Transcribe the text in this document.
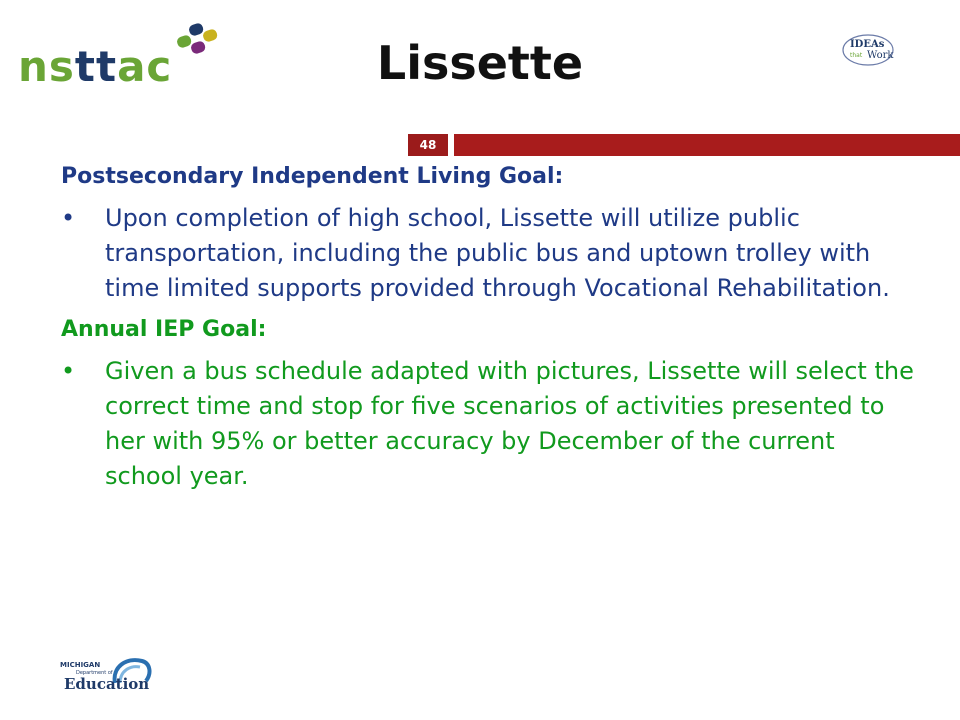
nsttac	Lissette	IDEAs
that Work
48
Postsecondary Independent Living Goal:
• Upon completion of high school, Lissette will utilize public transportation, including the public bus and uptown trolley with time limited supports provided through Vocational Rehabilitation.
Annual IEP Goal:
• Given a bus schedule adapted with pictures, Lissette will select the correct time and stop for five scenarios of activities presented to her with 95% or better accuracy by December of the current school year.
MICHIGAN
Department of
Education
